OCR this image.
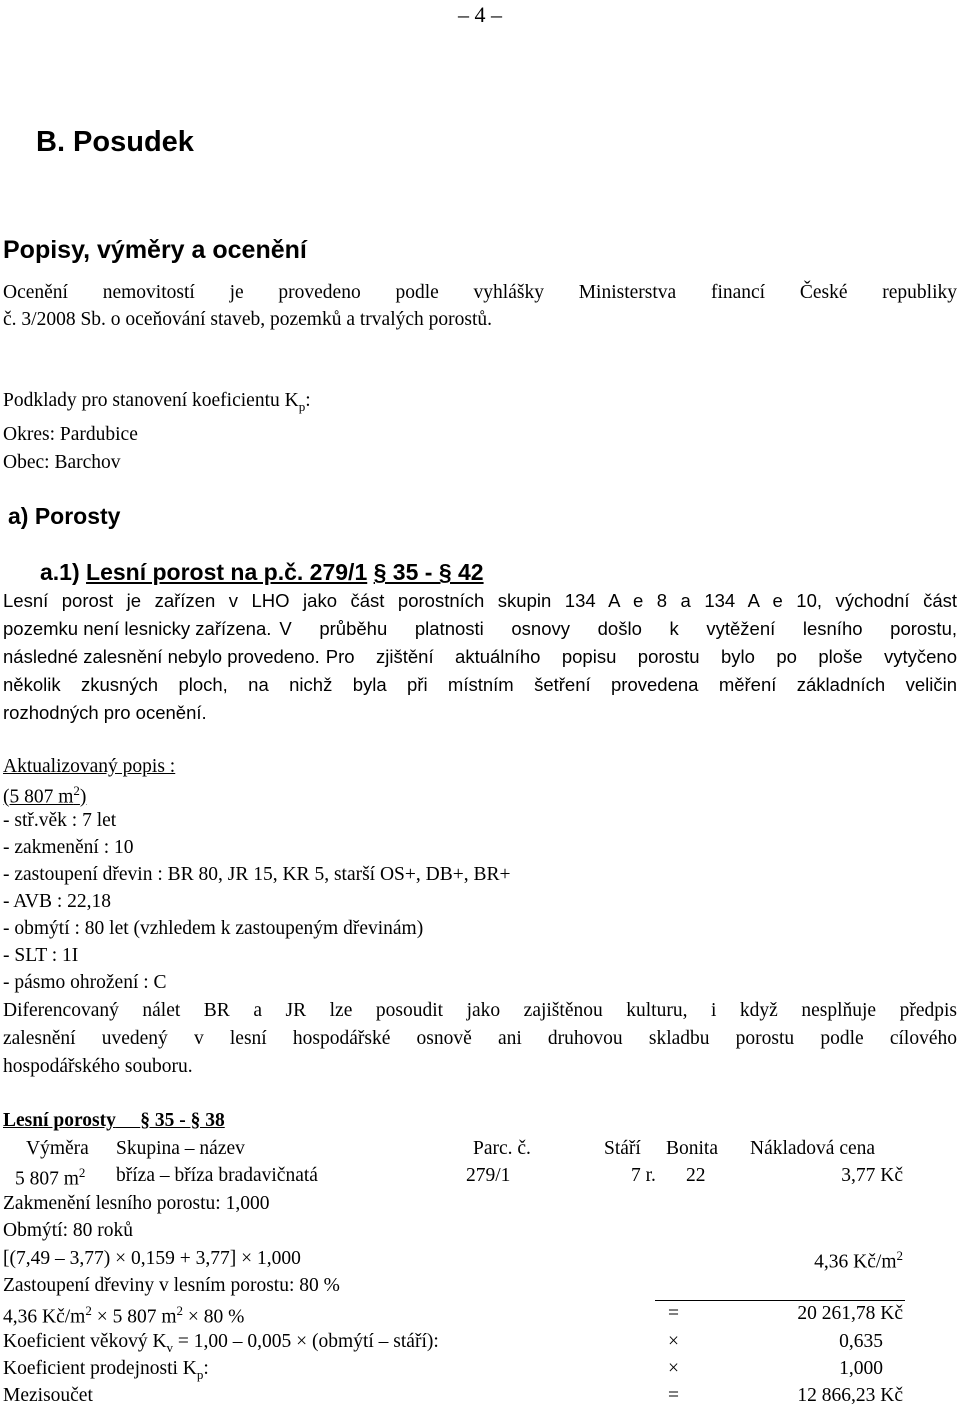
– 4 –
B. Posudek
Popisy, výměry a ocenění
Ocenění nemovitostí je provedeno podle vyhlášky Ministerstva financí České republiky
č. 3/2008 Sb. o oceňování staveb, pozemků a trvalých porostů.
Podklady pro stanovení koeficientu $K_p$:
Okres: Pardubice
Obec: Barchov
a) Porosty
a.1) Lesní porost na p.č. 279/1 § 35 - § 42
Lesní porost je zařízen v LHO jako část porostních skupin 134 A e 8 a 134 A e 10, východní část
pozemku není lesnicky zařízena. V průběhu platnosti osnovy došlo k vytěžení lesního porostu,
následné zalesnění nebylo provedeno. Pro zjištění aktuálního popisu porostu bylo po ploše vytyčeno
několik zkusných ploch, na nichž byla při místním šetření provedena měření základních veličin
rozhodných pro ocenění.
Aktualizovaný popis :
(5 807 $m^2$)
- stř.věk : 7 let
- zakmenění : 10
- zastoupení dřevin : BR 80, JR 15, KR 5, starší OS+, DB+, BR+
- AVB : 22,18
- obmýtí : 80 let (vzhledem k zastoupeným dřevinám)
- SLT : 1I
- pásmo ohrožení : C
Diferencovaný nálet BR a JR lze posoudit jako zajištěnou kulturu, i když nesplňuje předpis
zalesnění uvedený v lesní hospodářské osnově ani druhovou skladbu porostu podle cílového
hospodářského souboru.
Lesní porosty § 35 - § 38
Výměra Skupina – název	Parc. č.	Stáří Bonita Nákladová cena
5 807 $m^2$ bříza – bříza bradavičnatá	279/1	7 r. 22	3,77 Kč
Zakmenění lesního porostu: 1,000
Obmýtí: 80 roků
[(7,49 – 3,77) × 0,159 + 3,77] × 1,000	4,36 $Kč/m^2$
Zastoupení dřeviny v lesním porostu: 80 %
4,36 $Kč/m^2 \times 5$ 807 $m^2 \times 80$ %	=	20 261,78 Kč
Koeficient věkový $K_v = 1,00 - 0,005$ × (obmýtí – stáří):	×	0,635
Koeficient prodejnosti $K_p$:	×	1,000
Mezisoučet	=	12 866,23 Kč
